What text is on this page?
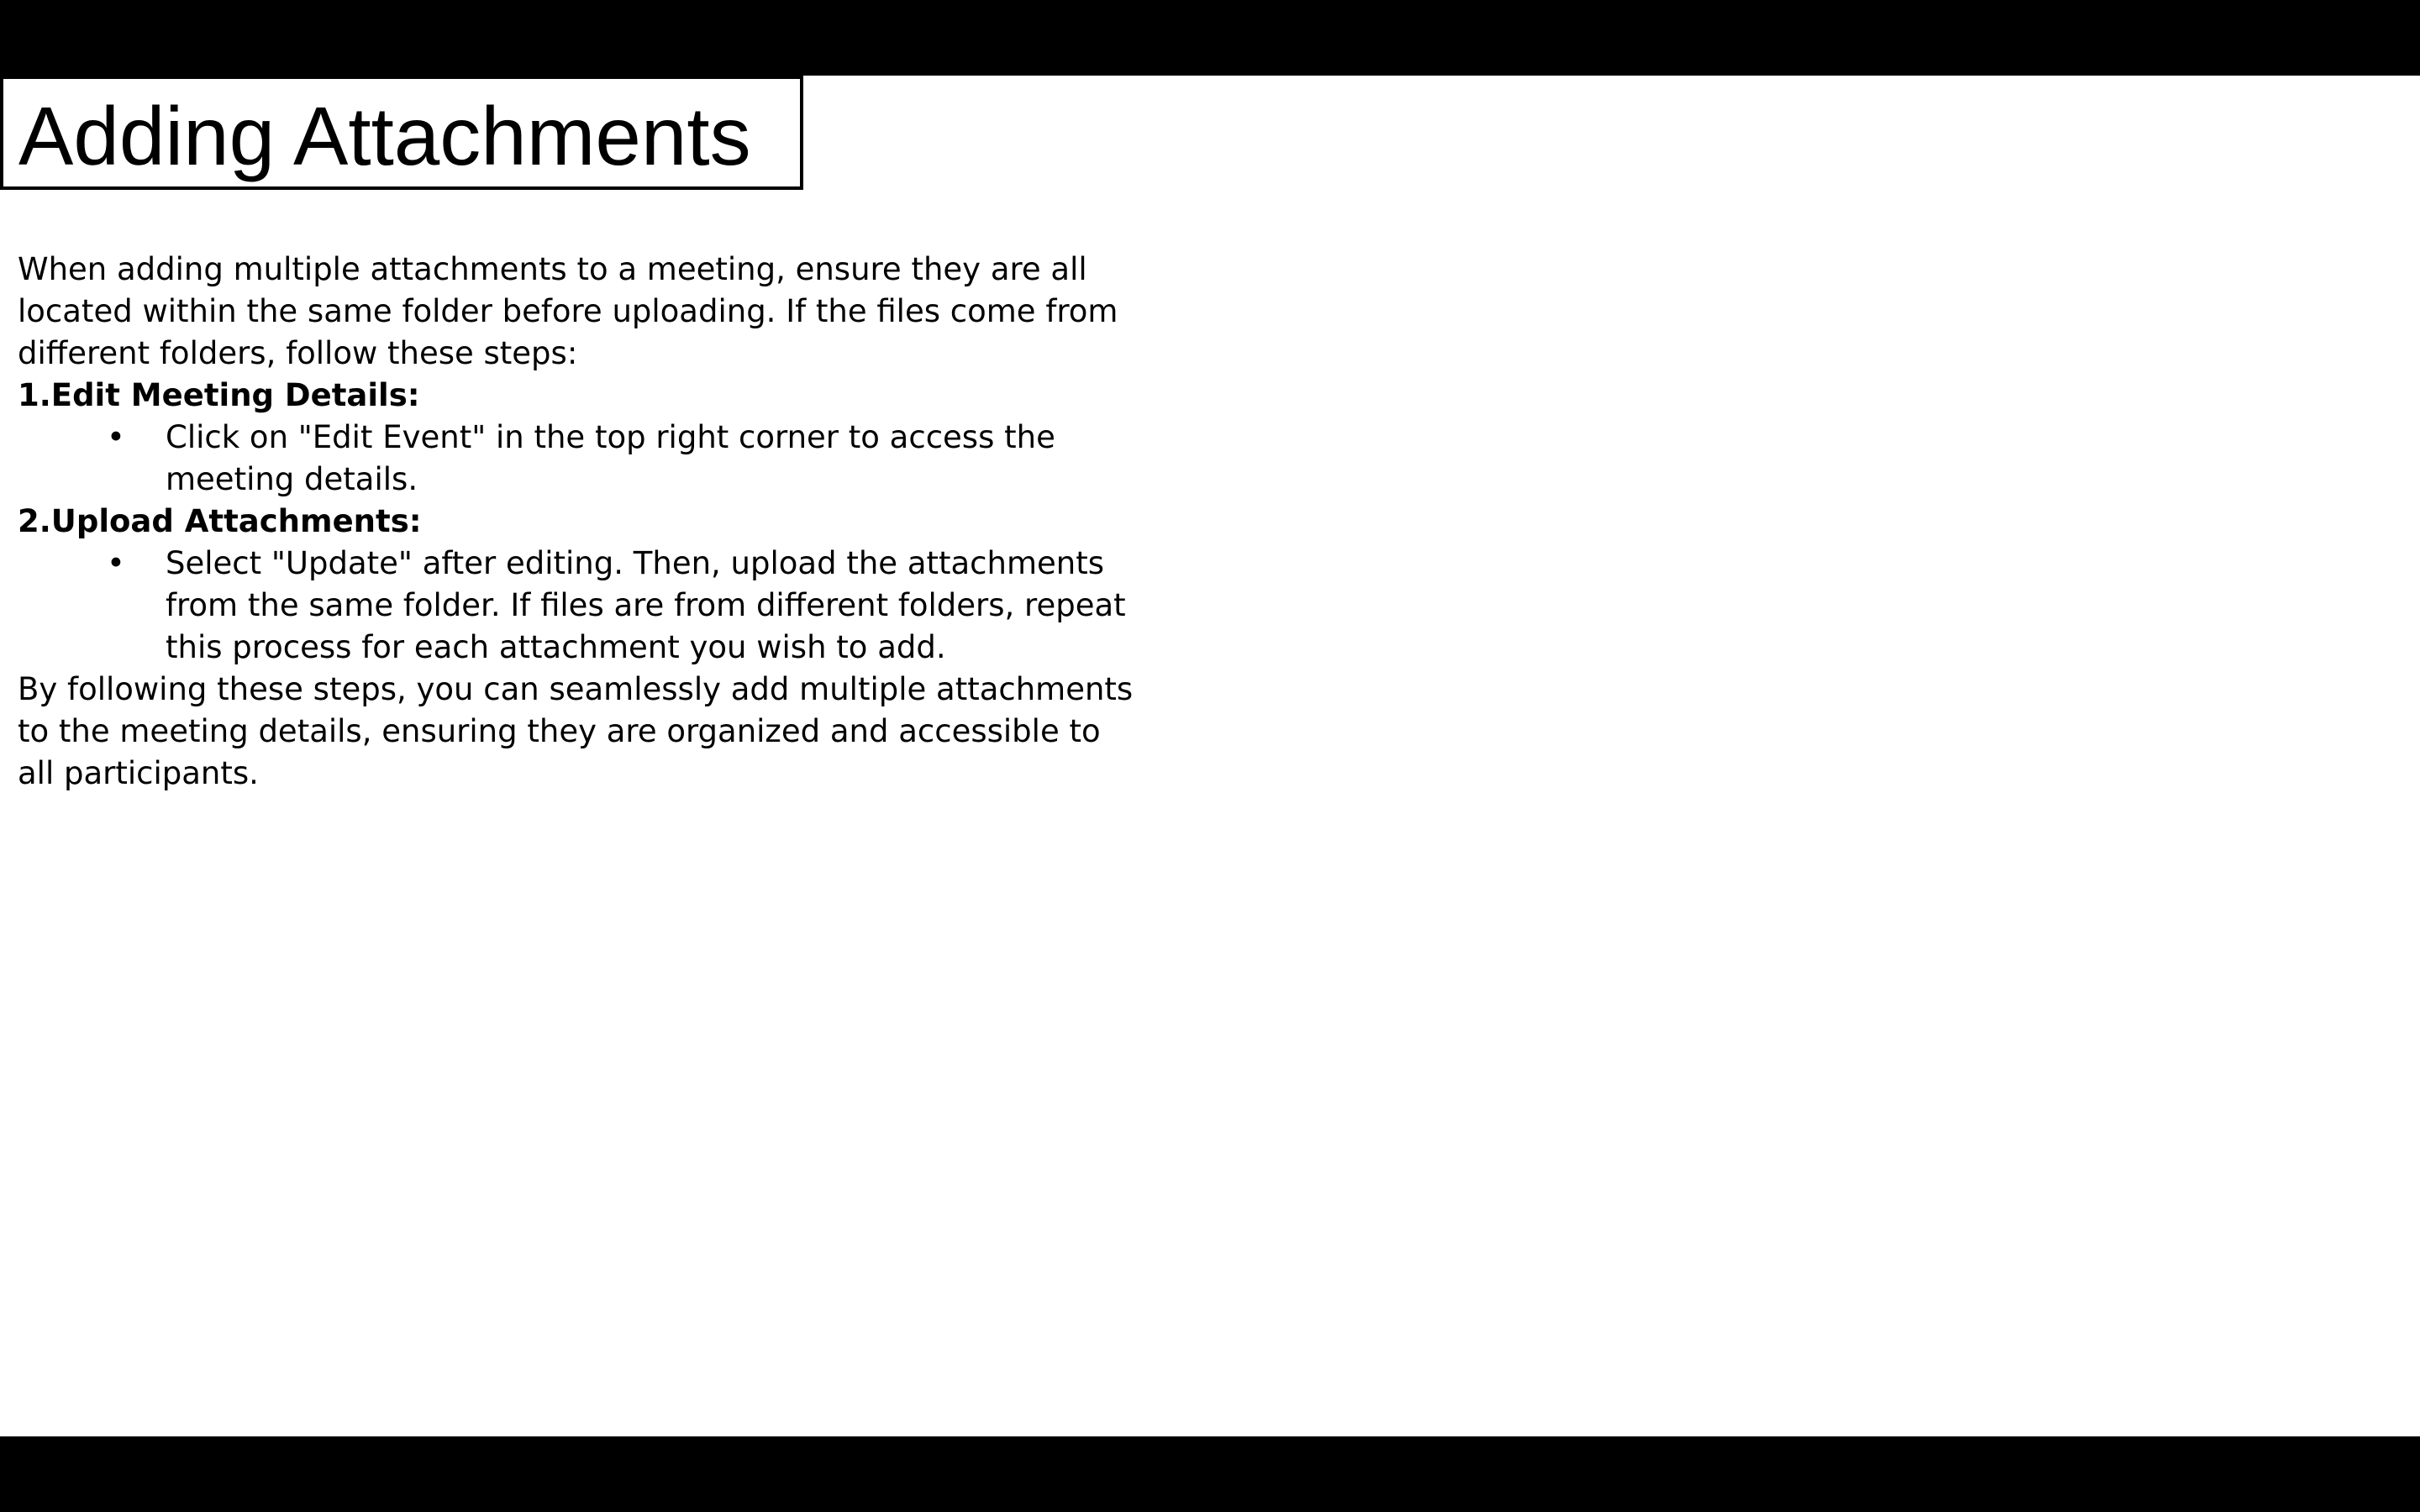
Adding Attachments

When adding multiple attachments to a meeting, ensure they are all located within the same folder before uploading. If the files come from different folders, follow these steps:

1.Edit Meeting Details:

• Click on "Edit Event" in the top right corner to access the meeting details.

2.Upload Attachments:

• Select "Update" after editing. Then, upload the attachments from the same folder. If files are from different folders, repeat this process for each attachment you wish to add.

By following these steps, you can seamlessly add multiple attachments to the meeting details, ensuring they are organized and accessible to all participants.
